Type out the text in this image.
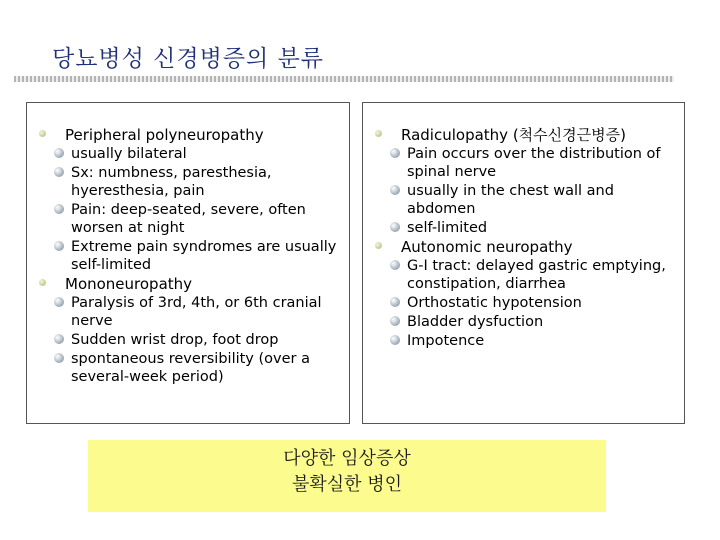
당뇨병성 신경병증의 분류
Peripheral polyneuropathy
usually bilateral
Sx: numbness, paresthesia, hyeresthesia, pain
Pain: deep-seated, severe, often worsen at night
Extreme pain syndromes are usually self-limited
Mononeuropathy
Paralysis of 3rd, 4th, or 6th cranial nerve
Sudden wrist drop, foot drop
spontaneous reversibility (over a several-week period)
Radiculopathy (척수신경근병증)
Pain occurs over the distribution of spinal nerve
usually in the chest wall and abdomen
self-limited
Autonomic neuropathy
G-I tract: delayed gastric emptying, constipation, diarrhea
Orthostatic hypotension
Bladder dysfuction
Impotence
다양한 임상증상
불확실한 병인
